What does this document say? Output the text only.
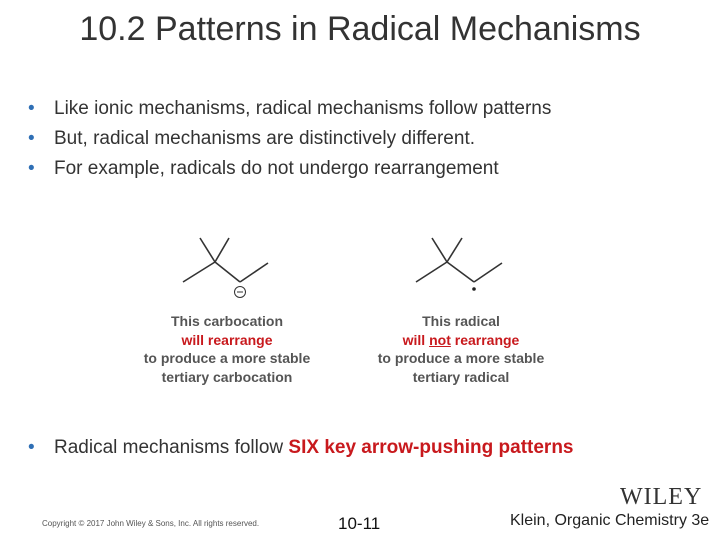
10.2 Patterns in Radical Mechanisms
• Like ionic mechanisms, radical mechanisms follow patterns
• But, radical mechanisms are distinctively different.
• For example, radicals do not undergo rearrangement
This carbocation
will rearrange
to produce a more stable
tertiary carbocation
This radical
will not rearrange
to produce a more stable
tertiary radical
• Radical mechanisms follow SIX key arrow-pushing patterns
Copyright © 2017 John Wiley & Sons, Inc. All rights reserved.	10-11
WILEY
Klein, Organic Chemistry 3e
